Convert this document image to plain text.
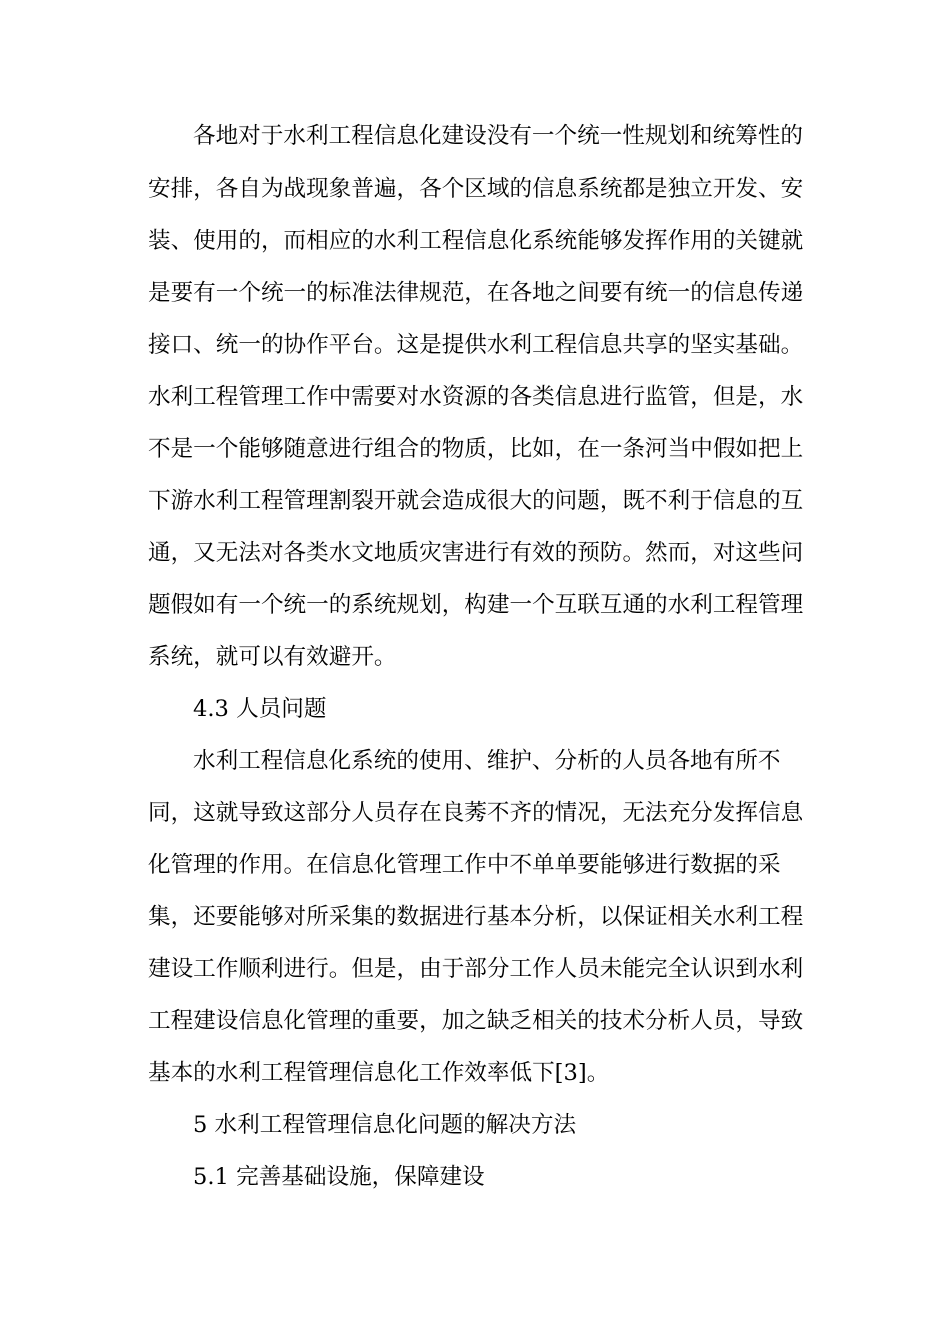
各地对于水利工程信息化建设没有一个统一性规划和统筹性的
安排，各自为战现象普遍，各个区域的信息系统都是独立开发、安
装、使用的，而相应的水利工程信息化系统能够发挥作用的关键就
是要有一个统一的标准法律规范，在各地之间要有统一的信息传递
接口、统一的协作平台。这是提供水利工程信息共享的坚实基础。
水利工程管理工作中需要对水资源的各类信息进行监管，但是，水
不是一个能够随意进行组合的物质，比如，在一条河当中假如把上
下游水利工程管理割裂开就会造成很大的问题，既不利于信息的互
通，又无法对各类水文地质灾害进行有效的预防。然而，对这些问
题假如有一个统一的系统规划，构建一个互联互通的水利工程管理
系统，就可以有效避开。
4.3 人员问题
水利工程信息化系统的使用、维护、分析的人员各地有所不
同，这就导致这部分人员存在良莠不齐的情况，无法充分发挥信息
化管理的作用。在信息化管理工作中不单单要能够进行数据的采
集，还要能够对所采集的数据进行基本分析，以保证相关水利工程
建设工作顺利进行。但是，由于部分工作人员未能完全认识到水利
工程建设信息化管理的重要，加之缺乏相关的技术分析人员，导致
基本的水利工程管理信息化工作效率低下[3]。
5 水利工程管理信息化问题的解决方法
5.1 完善基础设施，保障建设
